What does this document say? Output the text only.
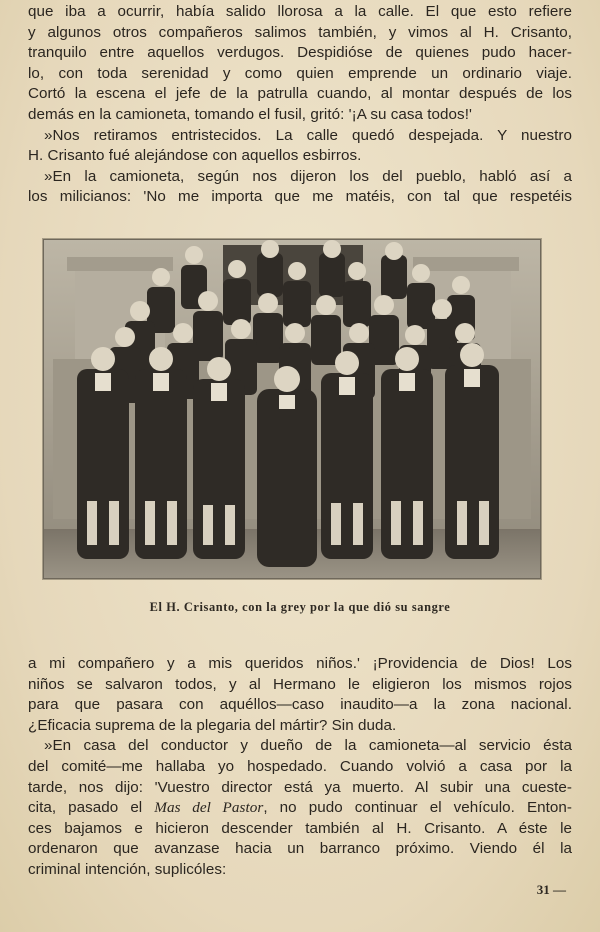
que iba a ocurrir, había salido llorosa a la calle. El que esto refiere
y algunos otros compañeros salimos también, y vimos al H. Crisanto,
tranquilo entre aquellos verdugos. Despidióse de quienes pudo hacer-
lo, con toda serenidad y como quien emprende un ordinario viaje.
Cortó la escena el jefe de la patrulla cuando, al montar después de los
demás en la camioneta, tomando el fusil, gritó: '¡A su casa todos!'
»Nos retiramos entristecidos. La calle quedó despejada. Y nuestro
H. Crisanto fué alejándose con aquellos esbirros.
»En la camioneta, según nos dijeron los del pueblo, habló así a
los milicianos: 'No me importa que me matéis, con tal que respetéis
El H. Crisanto, con la grey por la que dió su sangre
a mi compañero y a mis queridos niños.' ¡Providencia de Dios! Los
niños se salvaron todos, y al Hermano le eligieron los mismos rojos
para que pasara con aquéllos—caso inaudito—a la zona nacional.
¿Eficacia suprema de la plegaria del mártir? Sin duda.
»En casa del conductor y dueño de la camioneta—al servicio ésta
del comité—me hallaba yo hospedado. Cuando volvió a casa por la
tarde, nos dijo: 'Vuestro director está ya muerto. Al subir una cueste-
cita, pasado el Mas del Pastor, no pudo continuar el vehículo. Enton-
ces bajamos e hicieron descender también al H. Crisanto. A éste le
ordenaron que avanzase hacia un barranco próximo. Viendo él la
criminal intención, suplicóles:
31 —
